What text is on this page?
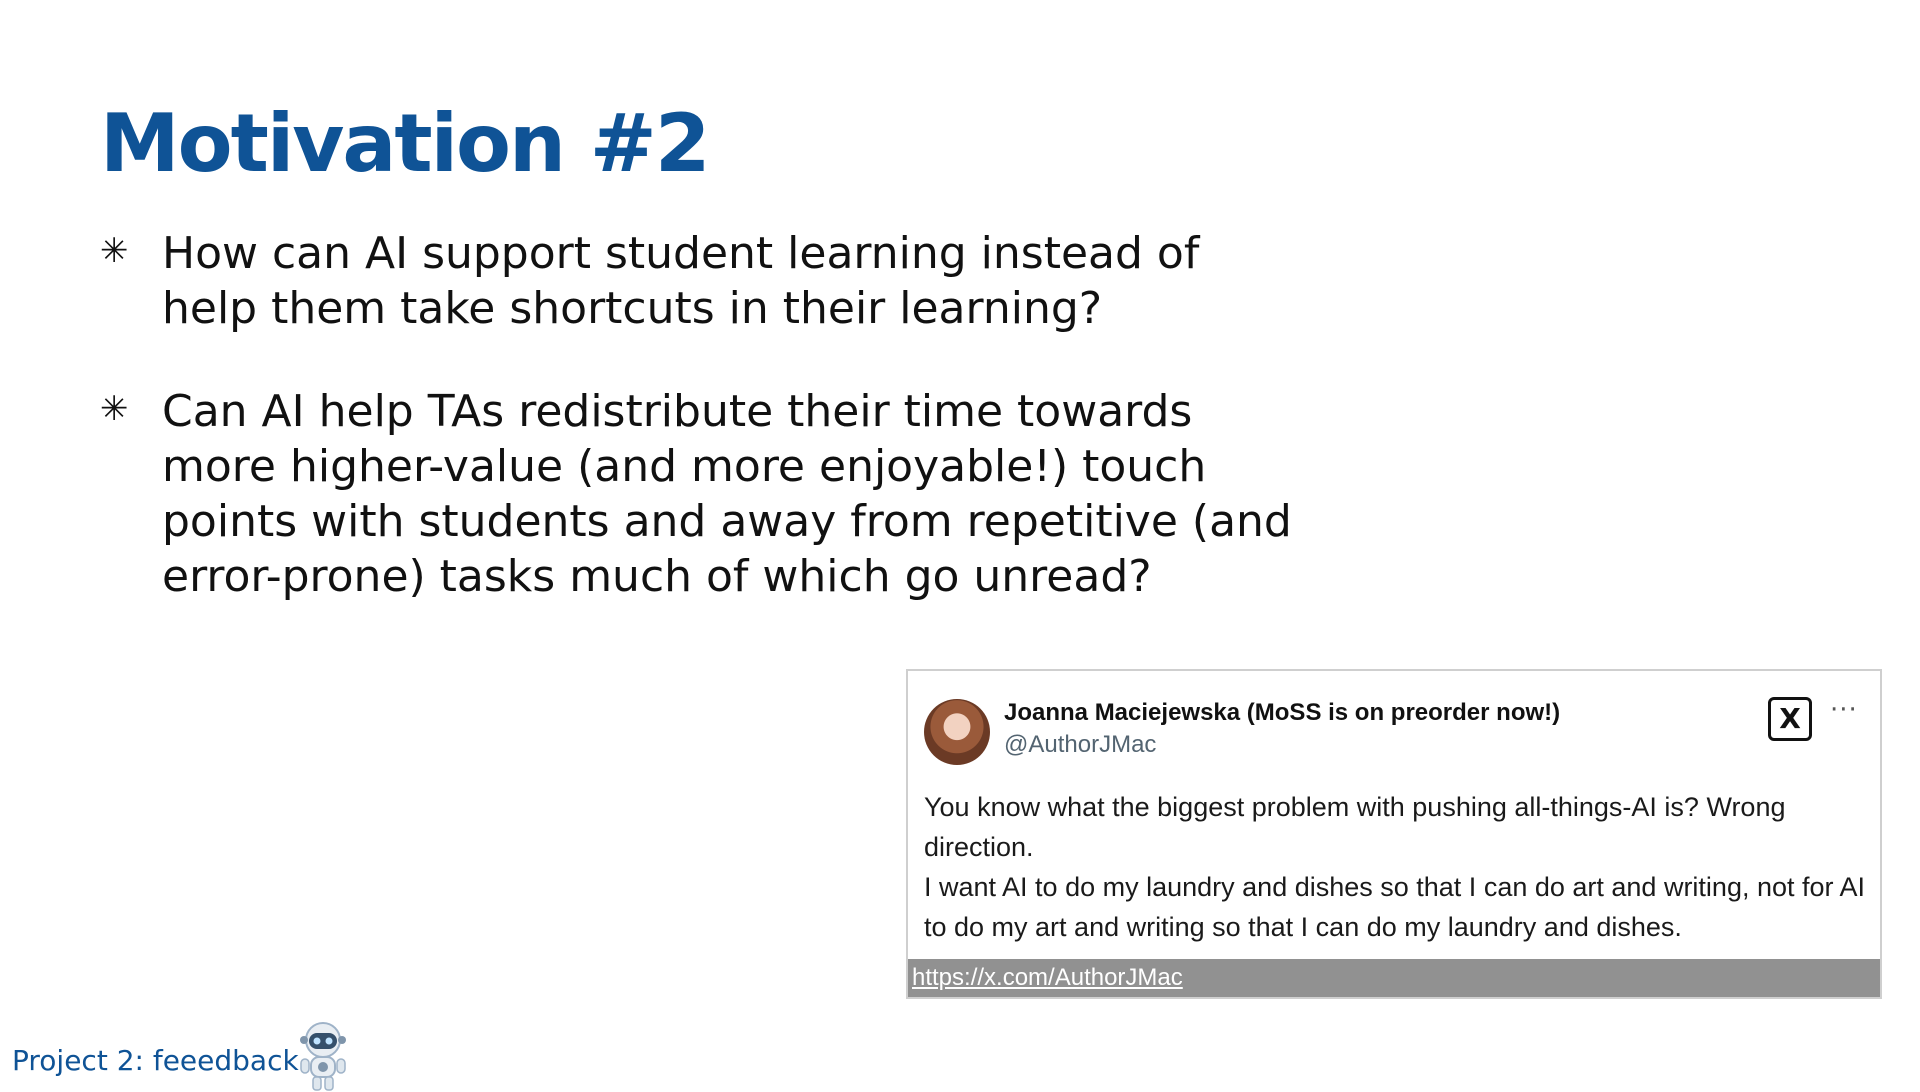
Motivation #2
✳ How can AI support student learning instead of help them take shortcuts in their learning?
✳ Can AI help TAs redistribute their time towards more higher-value (and more enjoyable!) touch points with students and away from repetitive (and error-prone) tasks much of which go unread?
Joanna Maciejewska (MoSS is on preorder now!)
@AuthorJMac
X	···

You know what the biggest problem with pushing all-things-AI is? Wrong direction.

I want AI to do my laundry and dishes so that I can do art and writing, not for AI to do my art and writing so that I can do my laundry and dishes.

https://x.com/AuthorJMac
Project 2: feeedback
